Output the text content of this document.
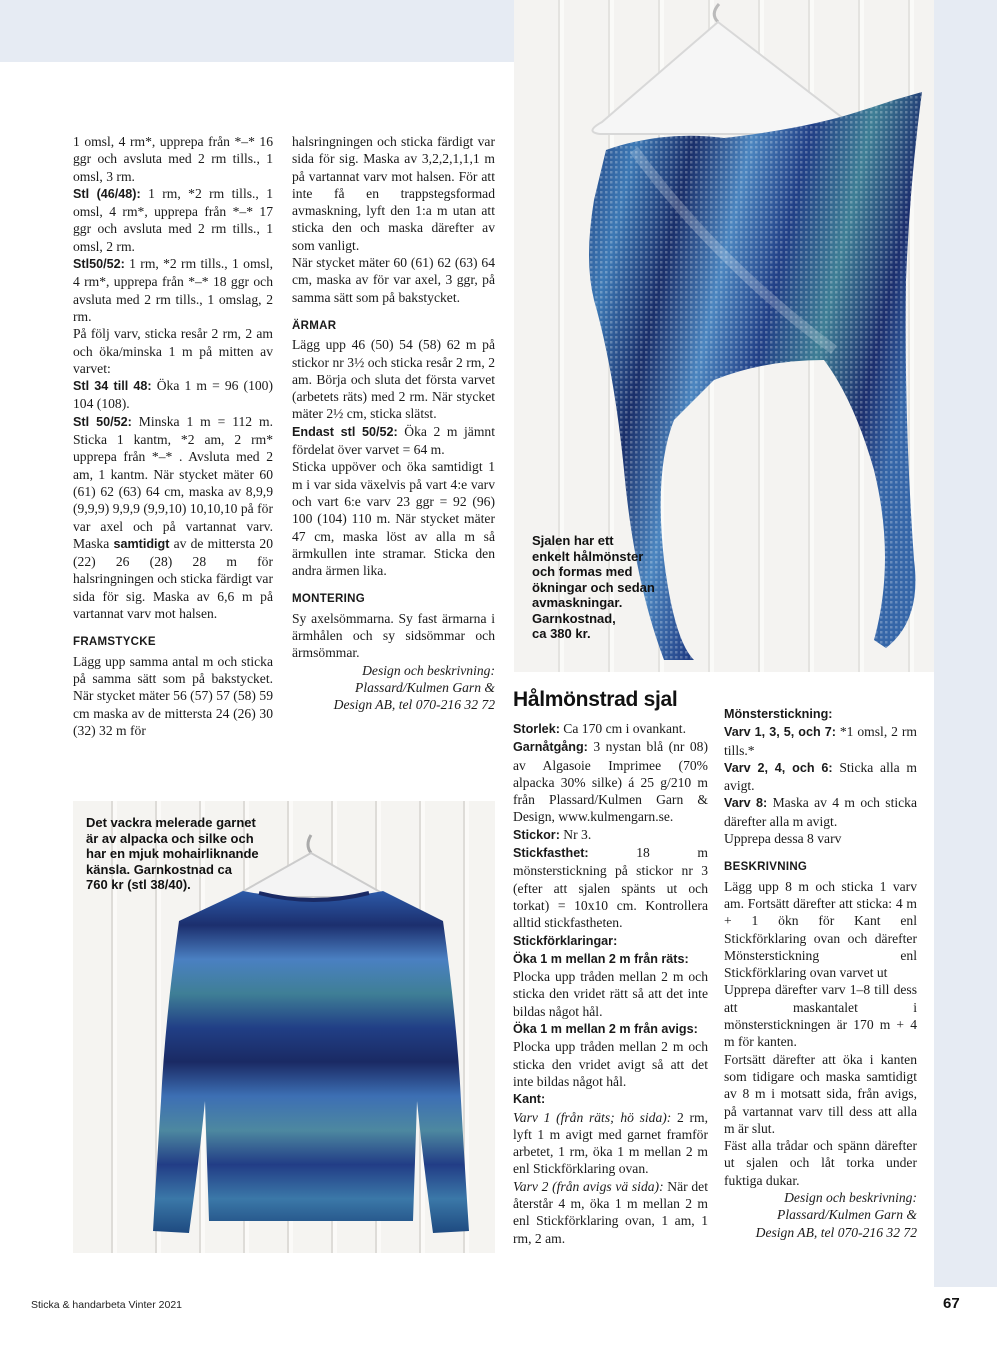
Sjalen har ett

enkelt hålmönster

och formas med

ökningar och sedan

avmaskningar.

Garnkostnad,

ca 380 kr.

Det vackra melerade garnet

är av alpacka och silke och

har en mjuk mohairliknande

känsla. Garnkostnad ca

760 kr (stl 38/40).

1 omsl, 4 rm*, upprepa från *–* 16 ggr och avsluta med 2 rm tills., 1 omsl, 3 rm.

Stl (46/48): 1 rm, *2 rm tills., 1 omsl, 4 rm*, upprepa från *–* 17 ggr och avsluta med 2 rm tills., 1 omsl, 2 rm.

Stl50/52: 1 rm, *2 rm tills., 1 omsl, 4 rm*, upprepa från *–* 18 ggr och avsluta med 2 rm tills., 1 omslag, 2 rm.

På följ varv, sticka resår 2 rm, 2 am och öka/minska 1 m på mitten av varvet:

Stl 34 till 48: Öka 1 m = 96 (100) 104 (108).

Stl 50/52: Minska 1 m = 112 m. Sticka 1 kantm, *2 am, 2 rm* upprepa från *–* . Avsluta med 2 am, 1 kantm. När stycket mäter 60 (61) 62 (63) 64 cm, maska av 8,9,9 (9,9,9) 9,9,9 (9,9,10) 10,10,10 på för var axel och på vartannat varv. Maska samtidigt av de mittersta 20 (22) 26 (28) 28 m för halsringningen och sticka färdigt var sida för sig. Maska av 6,6 m på vartannat varv mot halsen.

FRAMSTYCKE

Lägg upp samma antal m och sticka på samma sätt som på bakstycket. När stycket mäter 56 (57) 57 (58) 59 cm maska av de mittersta 24 (26) 30 (32) 32 m för

halsringningen och sticka färdigt var sida för sig. Maska av 3,2,2,1,1,1 m på vartannat varv mot halsen. För att inte få en trappstegsformad avmaskning, lyft den 1:a m utan att sticka den och maska därefter av som vanligt.

När stycket mäter 60 (61) 62 (63) 64 cm, maska av för var axel, 3 ggr, på samma sätt som på bakstycket.

ÄRMAR

Lägg upp 46 (50) 54 (58) 62 m på stickor nr 3½ och sticka resår 2 rm, 2 am. Börja och sluta det första varvet (arbetets räts) med 2 rm. När stycket mäter 2½ cm, sticka slätst.

Endast stl 50/52: Öka 2 m jämnt fördelat över varvet = 64 m.

Sticka uppöver och öka samtidigt 1 m i var sida växelvis på vart 4:e varv och vart 6:e varv 23 ggr = 92 (96) 100 (104) 110 m. När stycket mäter 47 cm, maska löst av alla m så ärmkullen inte stramar. Sticka den andra ärmen lika.

MONTERING

Sy axelsömmarna. Sy fast ärmarna i ärmhålen och sy sidsömmar och ärmsömmar.

Design och beskrivning:

Plassard/Kulmen Garn &

Design AB, tel 070-216 32 72 Hålmönstrad sjal

Storlek: Ca 170 cm i ovankant.

Garnåtgång: 3 nystan blå (nr 08) av Algasoie Imprimee (70% alpacka 30% silke) á 25 g/210 m från Plassard/Kulmen Garn & Design, www.kulmengarn.se.

Stickor: Nr 3.

Stickfasthet: 18 m mönsterstickning på stickor nr 3 (efter att sjalen spänts ut och torkat) = 10x10 cm. Kontrollera alltid stickfastheten.

Stickförklaringar:

Öka 1 m mellan 2 m från räts:

Plocka upp tråden mellan 2 m och sticka den vridet rätt så att det inte bildas något hål.

Öka 1 m mellan 2 m från avigs:

Plocka upp tråden mellan 2 m och sticka den vridet avigt så att det inte bildas något hål.

Kant:

Varv 1 (från räts; hö sida): 2 rm, lyft 1 m avigt med garnet framför arbetet, 1 rm, öka 1 m mellan 2 m enl Stickförklaring ovan.

Varv 2 (från avigs vä sida): När det återstår 4 m, öka 1 m mellan 2 m enl Stickförklaring ovan, 1 am, 1 rm, 2 am.

Mönsterstickning:

Varv 1, 3, 5, och 7: *1 omsl, 2 rm tills.*

Varv 2, 4, och 6: Sticka alla m avigt.

Varv 8: Maska av 4 m och sticka därefter alla m avigt.

Upprepa dessa 8 varv

BESKRIVNING

Lägg upp 8 m och sticka 1 varv am. Fortsätt därefter att sticka: 4 m + 1 ökn för Kant enl Stickförklaring ovan och därefter Mönsterstickning enl Stickförklaring ovan varvet ut

Upprepa därefter varv 1–8 till dess att maskantalet i mönsterstickningen är 170 m + 4 m för kanten.

Fortsätt därefter att öka i kanten som tidigare och maska samtidigt av 8 m i motsatt sida, från avigs, på vartannat varv till dess att alla m är slut.

Fäst alla trådar och spänn därefter ut sjalen och låt torka under fuktiga dukar.

Design och beskrivning:

Plassard/Kulmen Garn &

Design AB, tel 070-216 32 72

Sticka & handarbeta Vinter 2021	67
